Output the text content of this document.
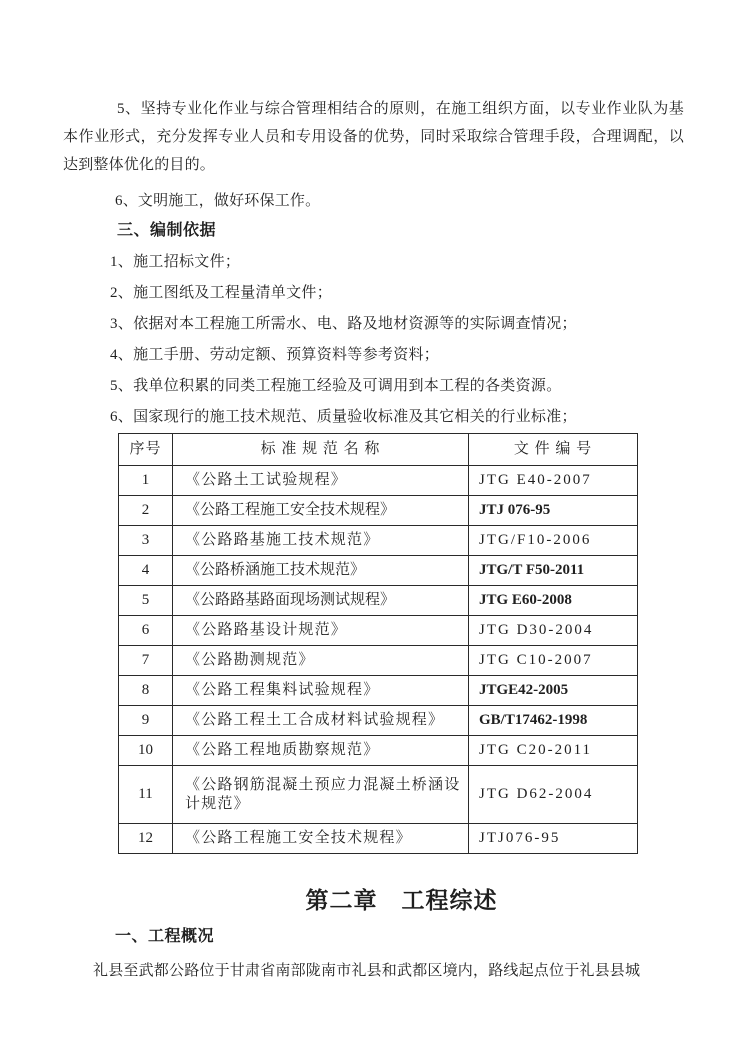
5、坚持专业化作业与综合管理相结合的原则，在施工组织方面，以专业作业队为基本作业形式，充分发挥专业人员和专用设备的优势，同时采取综合管理手段，合理调配，以达到整体优化的目的。

6、文明施工，做好环保工作。

三、编制依据

1、施工招标文件；

2、施工图纸及工程量清单文件；

3、依据对本工程施工所需水、电、路及地材资源等的实际调查情况；

4、施工手册、劳动定额、预算资料等参考资料；

5、我单位积累的同类工程施工经验及可调用到本工程的各类资源。

6、国家现行的施工技术规范、质量验收标准及其它相关的行业标准；

序号	标 准 规 范 名 称	文 件 编 号
1	《公路土工试验规程》	JTG E40-2007
2	《公路工程施工安全技术规程》	JTJ 076-95
3	《公路路基施工技术规范》	JTG/F10-2006
4	《公路桥涵施工技术规范》	JTG/T F50-2011
5	《公路路基路面现场测试规程》	JTG E60-2008
6	《公路路基设计规范》	JTG D30-2004
7	《公路勘测规范》	JTG C10-2007
8	《公路工程集料试验规程》	JTGE42-2005
9	《公路工程土工合成材料试验规程》	GB/T17462-1998
10	《公路工程地质勘察规范》	JTG C20-2011
11	《公路钢筋混凝土预应力混凝土桥涵设计规范》	JTG D62-2004
12	《公路工程施工安全技术规程》	JTJ076-95
第二章　工程综述
一、工程概况

礼县至武都公路位于甘肃省南部陇南市礼县和武都区境内，路线起点位于礼县县城
